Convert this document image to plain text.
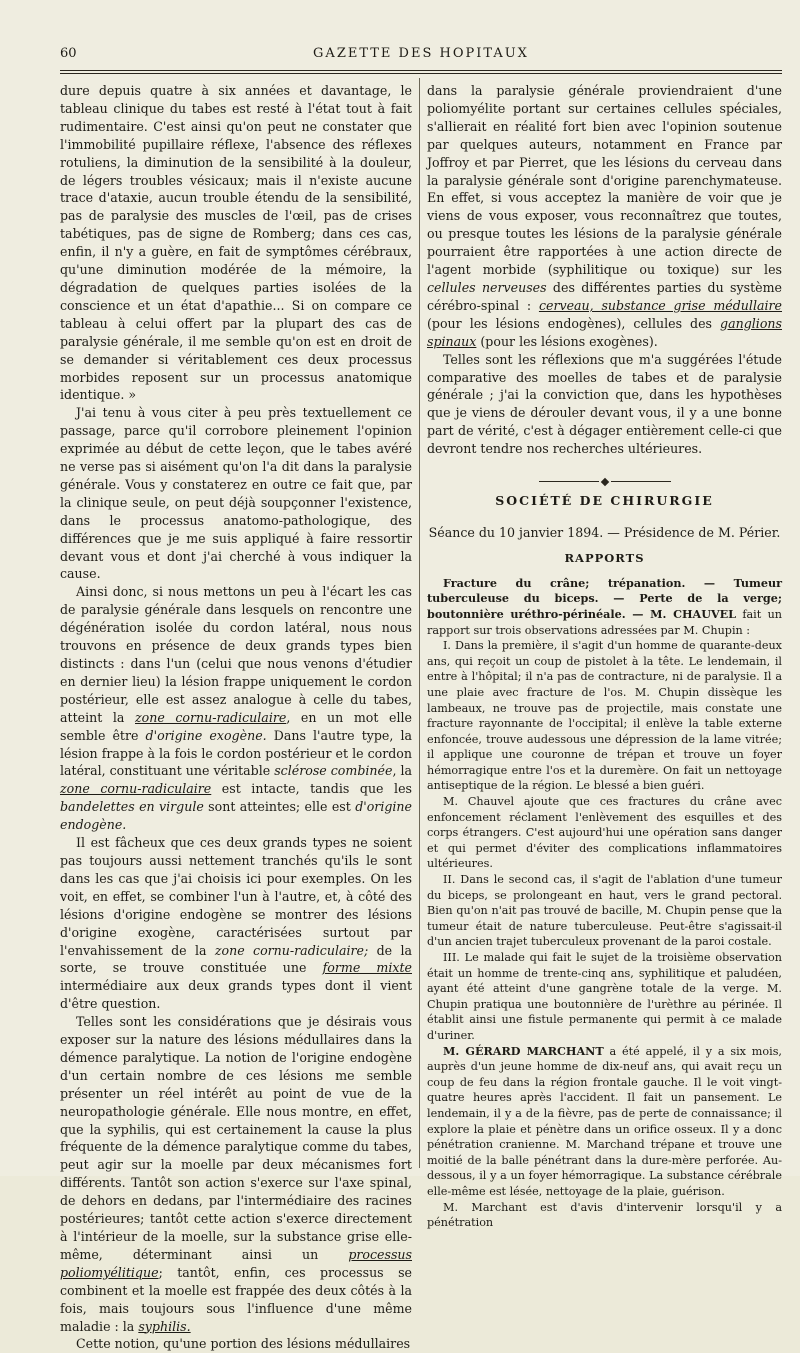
60	GAZETTE DES HOPITAUX

dure depuis quatre à six années et davantage, le tableau clinique du tabes est resté à l'état tout à fait rudimentaire. C'est ainsi qu'on peut ne constater que l'immobilité pupillaire réflexe, l'absence des réflexes rotuliens, la diminution de la sensibilité à la douleur, de légers troubles vésicaux; mais il n'existe aucune trace d'ataxie, aucun trouble étendu de la sensibilité, pas de paralysie des muscles de l'œil, pas de crises tabétiques, pas de signe de Romberg; dans ces cas, enfin, il n'y a guère, en fait de symptômes cérébraux, qu'une diminution modérée de la mémoire, la dégradation de quelques parties isolées de la conscience et un état d'apathie... Si on compare ce tableau à celui offert par la plupart des cas de paralysie générale, il me semble qu'on est en droit de se demander si véritablement ces deux processus morbides reposent sur un processus anatomique identique. »

J'ai tenu à vous citer à peu près textuellement ce passage, parce qu'il corrobore pleinement l'opinion exprimée au début de cette leçon, que le tabes avéré ne verse pas si aisément qu'on l'a dit dans la paralysie générale. Vous y constaterez en outre ce fait que, par la clinique seule, on peut déjà soupçonner l'existence, dans le processus anatomo-pathologique, des différences que je me suis appliqué à faire ressortir devant vous et dont j'ai cherché à vous indiquer la cause.

Ainsi donc, si nous mettons un peu à l'écart les cas de paralysie générale dans lesquels on rencontre une dégénération isolée du cordon latéral, nous nous trouvons en présence de deux grands types bien distincts : dans l'un (celui que nous venons d'étudier en dernier lieu) la lésion frappe uniquement le cordon postérieur, elle est assez analogue à celle du tabes, atteint la zone cornu-radiculaire, en un mot elle semble être d'origine exogène. Dans l'autre type, la lésion frappe à la fois le cordon postérieur et le cordon latéral, constituant une véritable sclérose combinée, la zone cornu-radiculaire est intacte, tandis que les bandelettes en virgule sont atteintes; elle est d'origine endogène.

Il est fâcheux que ces deux grands types ne soient pas toujours aussi nettement tranchés qu'ils le sont dans les cas que j'ai choisis ici pour exemples. On les voit, en effet, se combiner l'un à l'autre, et, à côté des lésions d'origine endogène se montrer des lésions d'origine exogène, caractérisées surtout par l'envahissement de la zone cornu-radiculaire; de la sorte, se trouve constituée une forme mixte intermédiaire aux deux grands types dont il vient d'être question.

Telles sont les considérations que je désirais vous exposer sur la nature des lésions médullaires dans la démence paralytique. La notion de l'origine endogène d'un certain nombre de ces lésions me semble présenter un réel intérêt au point de vue de la neuropathologie générale. Elle nous montre, en effet, que la syphilis, qui est certainement la cause la plus fréquente de la démence paralytique comme du tabes, peut agir sur la moelle par deux mécanismes fort différents. Tantôt son action s'exerce sur l'axe spinal, de dehors en dedans, par l'intermédiaire des racines postérieures; tantôt cette action s'exerce directement à l'intérieur de la moelle, sur la substance grise elle-même, déterminant ainsi un processus poliomyélitique; tantôt, enfin, ces processus se combinent et la moelle est frappée des deux côtés à la fois, mais toujours sous l'influence d'une même maladie : la syphilis.

Cette notion, qu'une portion des lésions médullaires

dans la paralysie générale proviendraient d'une poliomyélite portant sur certaines cellules spéciales, s'allierait en réalité fort bien avec l'opinion soutenue par quelques auteurs, notamment en France par Joffroy et par Pierret, que les lésions du cerveau dans la paralysie générale sont d'origine parenchymateuse. En effet, si vous acceptez la manière de voir que je viens de vous exposer, vous reconnaîtrez que toutes, ou presque toutes les lésions de la paralysie générale pourraient être rapportées à une action directe de l'agent morbide (syphilitique ou toxique) sur les cellules nerveuses des différentes parties du système cérébro-spinal : cerveau, substance grise médullaire (pour les lésions endogènes), cellules des ganglions spinaux (pour les lésions exogènes).

Telles sont les réflexions que m'a suggérées l'étude comparative des moelles de tabes et de paralysie générale ; j'ai la conviction que, dans les hypothèses que je viens de dérouler devant vous, il y a une bonne part de vérité, c'est à dégager entièrement celle-ci que devront tendre nos recherches ultérieures.

SOCIÉTÉ DE CHIRURGIE

Séance du 10 janvier 1894. — Présidence de M. Périer.

RAPPORTS

Fracture du crâne; trépanation. — Tumeur tuberculeuse du biceps. — Perte de la verge; boutonnière uréthro-périnéale. — M. CHAUVEL fait un rapport sur trois observations adressées par M. Chupin :

I. Dans la première, il s'agit d'un homme de quarante-deux ans, qui reçoit un coup de pistolet à la tête. Le lendemain, il entre à l'hôpital; il n'a pas de contracture, ni de paralysie. Il a une plaie avec fracture de l'os. M. Chupin dissèque les lambeaux, ne trouve pas de projectile, mais constate une fracture rayonnante de l'occipital; il enlève la table externe enfoncée, trouve audessous une dépression de la lame vitrée; il applique une couronne de trépan et trouve un foyer hémorragique entre l'os et la duremère. On fait un nettoyage antiseptique de la région. Le blessé a bien guéri.

M. Chauvel ajoute que ces fractures du crâne avec enfoncement réclament l'enlèvement des esquilles et des corps étrangers. C'est aujourd'hui une opération sans danger et qui permet d'éviter des complications inflammatoires ultérieures.

II. Dans le second cas, il s'agit de l'ablation d'une tumeur du biceps, se prolongeant en haut, vers le grand pectoral. Bien qu'on n'ait pas trouvé de bacille, M. Chupin pense que la tumeur était de nature tuberculeuse. Peut-être s'agissait-il d'un ancien trajet tuberculeux provenant de la paroi costale.

III. Le malade qui fait le sujet de la troisième observation était un homme de trente-cinq ans, syphilitique et paludéen, ayant été atteint d'une gangrène totale de la verge. M. Chupin pratiqua une boutonnière de l'urèthre au périnée. Il établit ainsi une fistule permanente qui permit à ce malade d'uriner.

M. GÉRARD MARCHANT a été appelé, il y a six mois, auprès d'un jeune homme de dix-neuf ans, qui avait reçu un coup de feu dans la région frontale gauche. Il le voit vingt-quatre heures après l'accident. Il fait un pansement. Le lendemain, il y a de la fièvre, pas de perte de connaissance; il explore la plaie et pénètre dans un orifice osseux. Il y a donc pénétration cranienne. M. Marchand trépane et trouve une moitié de la balle pénétrant dans la dure-mère perforée. Au-dessous, il y a un foyer hémorragique. La substance cérébrale elle-même est lésée, nettoyage de la plaie, guérison.

M. Marchant est d'avis d'intervenir lorsqu'il y a pénétration
